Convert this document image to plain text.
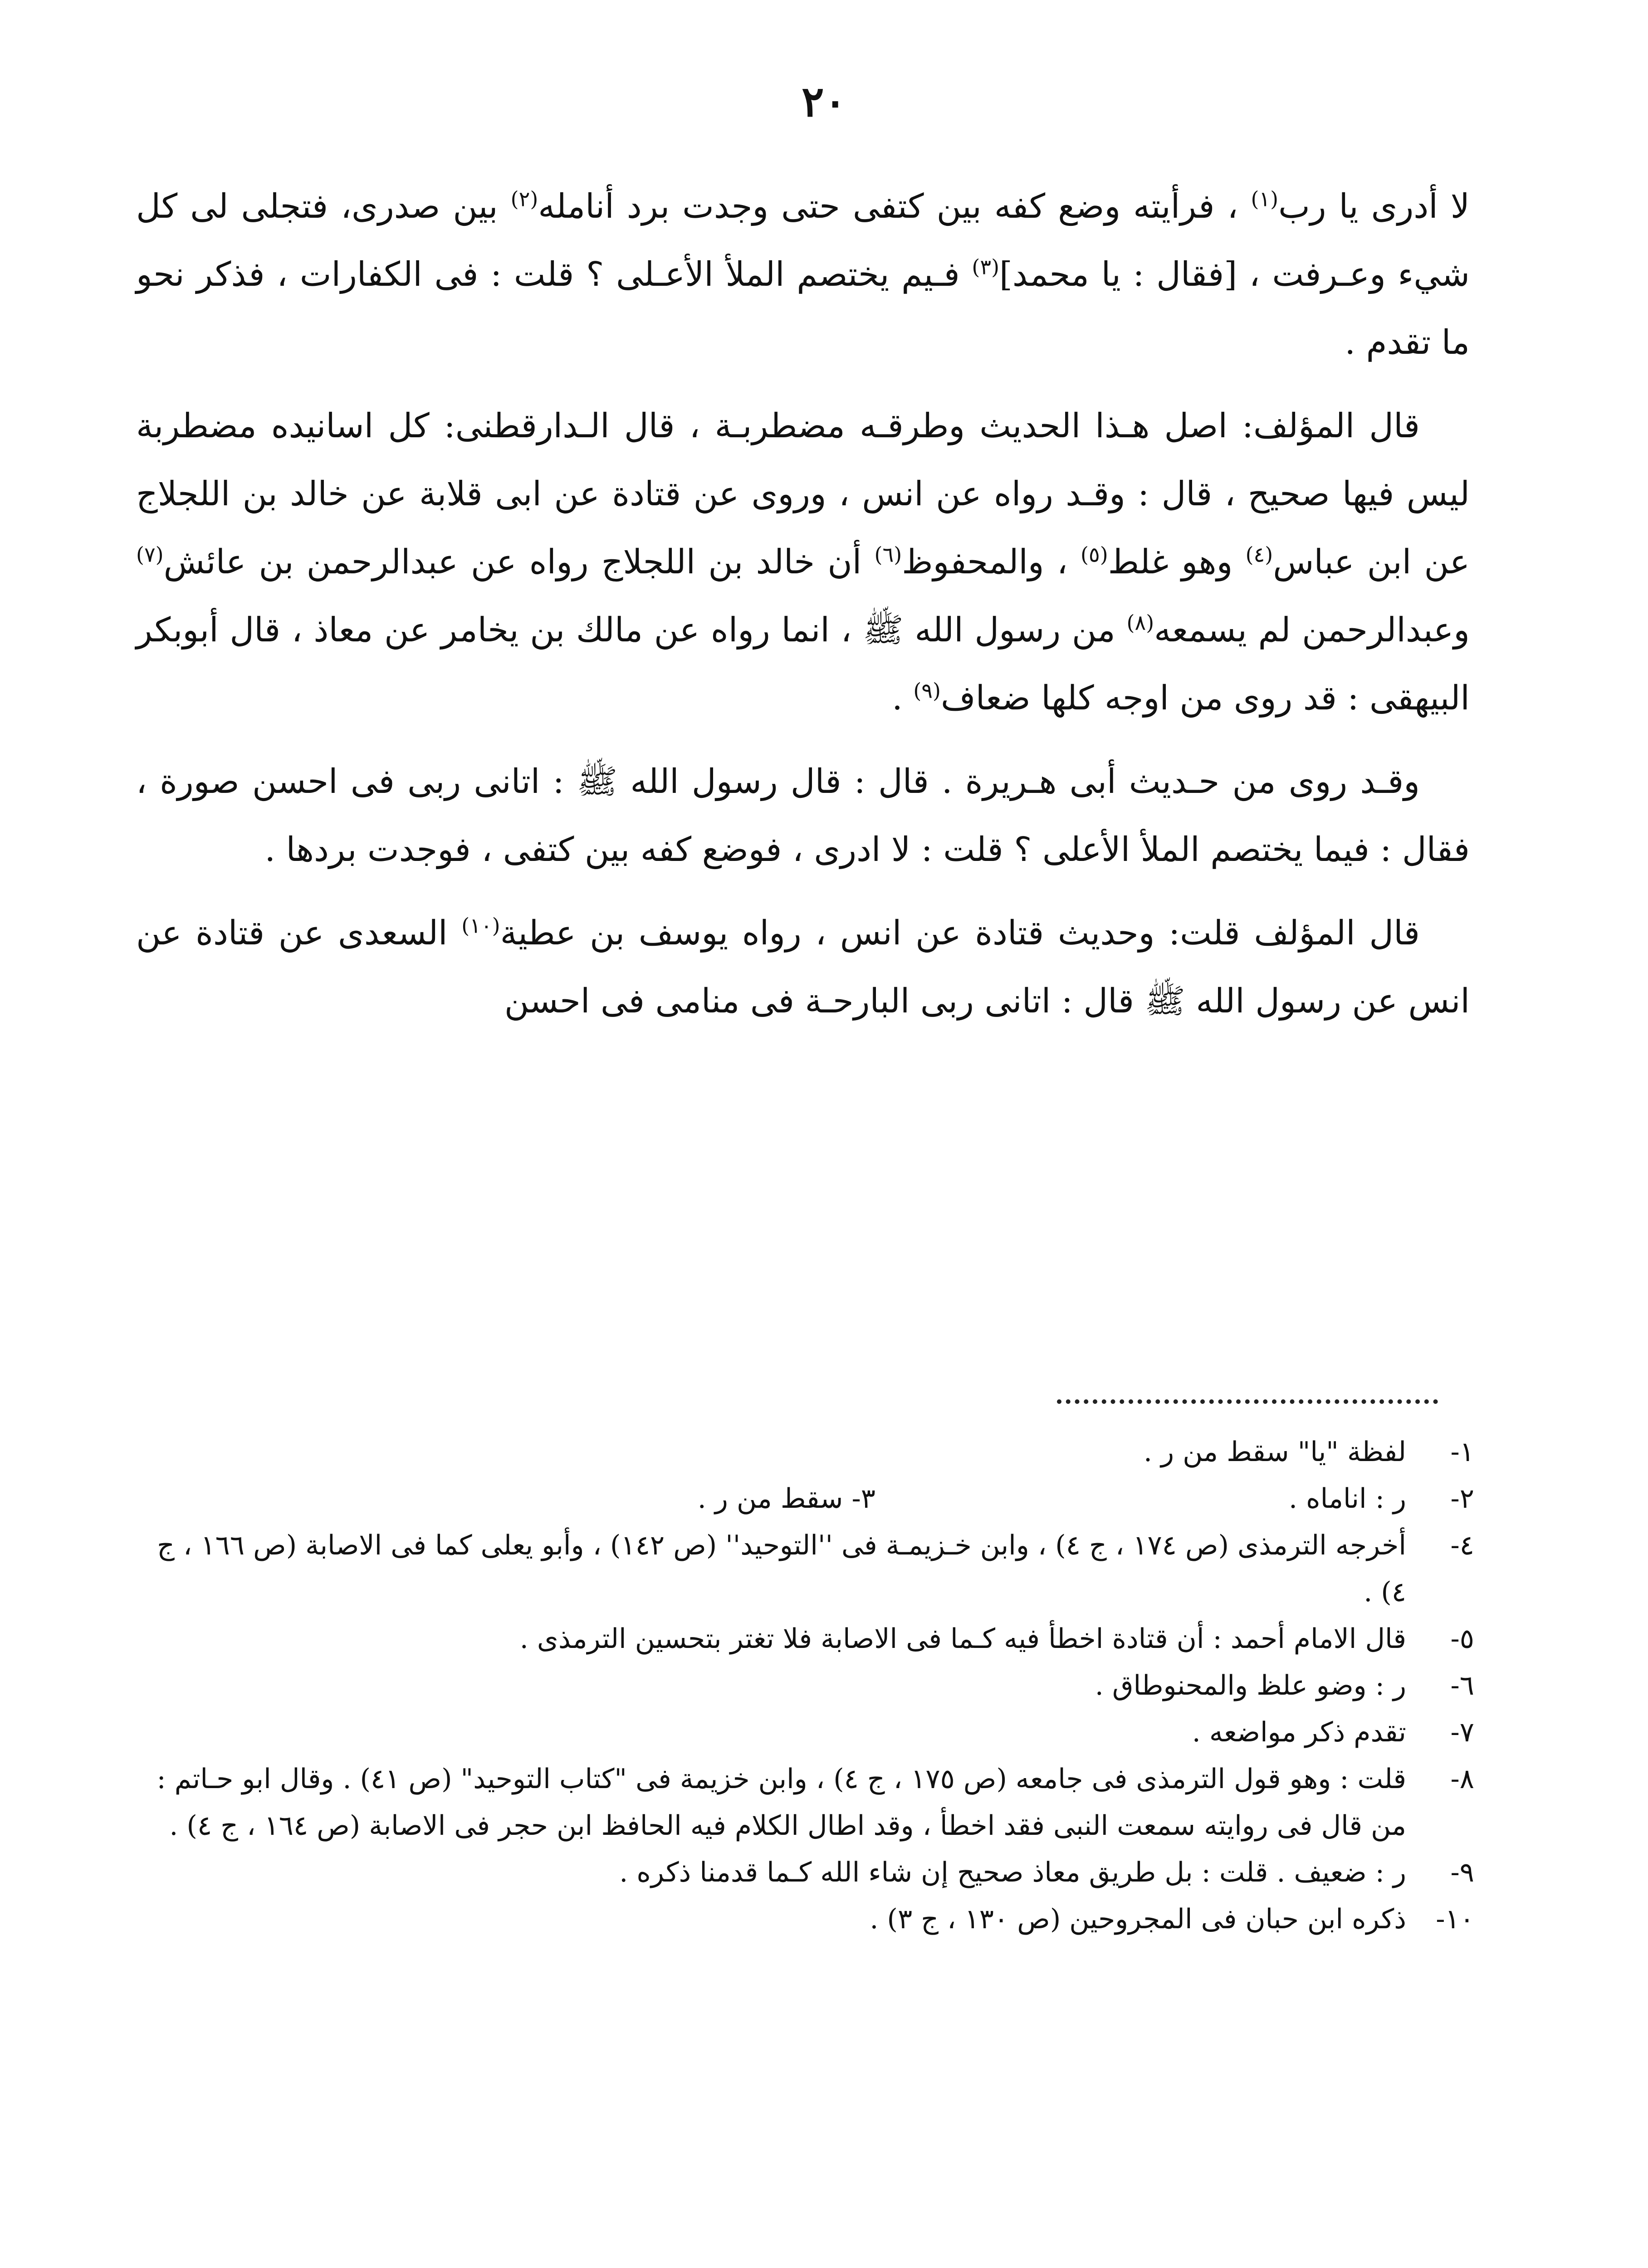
٢٠

لا أدرى يا رب$^{(١)}$ ، فرأيته وضع كفه بين كتفى حتى وجدت برد أنامله$^{(٢)}$ بين صدرى، فتجلى لى كل شيء وعـرفت ، [فقال : يا محمد]$^{(٣)}$ فـيم يختصم الملأ الأعـلى ؟ قلت : فى الكفارات ، فذكر نحو ما تقدم .

قال المؤلف: اصل هـذا الحديث وطرقـه مضطربـة ، قال الـدارقطنى: كل اسانيده مضطربة ليس فيها صحيح ، قال : وقـد رواه عن انس ، وروى عن قتادة عن ابى قلابة عن خالد بن اللجلاج عن ابن عباس$^{(٤)}$ وهو غلط$^{(٥)}$ ، والمحفوظ$^{(٦)}$ أن خالد بن اللجلاج رواه عن عبدالرحمن بن عائش$^{(٧)}$ وعبدالرحمن لم يسمعه$^{(٨)}$ من رسول الله ﷺ ، انما رواه عن مالك بن يخامر عن معاذ ، قال أبوبكر البيهقى : قد روى من اوجه كلها ضعاف$^{(٩)}$ .

وقـد روى من حـديث أبى هـريرة . قال : قال رسول الله ﷺ : اتانى ربى فى احسن صورة ، فقال : فيما يختصم الملأ الأعلى ؟ قلت : لا ادرى ، فوضع كفه بين كتفى ، فوجدت بردها .

قال المؤلف قلت: وحديث قتادة عن انس ، رواه يوسف بن عطية$^{(١٠)}$ السعدى عن قتادة عن انس عن رسول الله ﷺ قال : اتانى ربى البارحـة فى منامى فى احسن

١-
لفظة "يا" سقط من ر .
٢-
ر : اناماه .
٣- سقط من ر .
٤-
أخرجه الترمذى (ص ١٧٤ ، ج ٤) ، وابن خـزيمـة فى ''التوحيد'' (ص ١٤٢) ، وأبو يعلى كما فى الاصابة (ص ١٦٦ ، ج ٤) .
٥-
قال الامام أحمد : أن قتادة اخطأ فيه كـما فى الاصابة فلا تغتر بتحسين الترمذى .
٦-
ر : وضو علظ والمحنوطاق .
٧-
تقدم ذكر مواضعه .
٨-
قلت : وهو قول الترمذى فى جامعه (ص ١٧٥ ، ج ٤) ، وابن خزيمة فى "كتاب التوحيد" (ص ٤١) . وقال ابو حـاتم : من قال فى روايته سمعت النبى فقد اخطأ ، وقد اطال الكلام فيه الحافظ ابن حجر فى الاصابة (ص ١٦٤ ، ج ٤) .
٩-
ر : ضعيف . قلت : بل طريق معاذ صحيح إن شاء الله كـما قدمنا ذكره .
١٠-
ذكره ابن حبان فى المجروحين (ص ١٣٠ ، ج ٣) .
